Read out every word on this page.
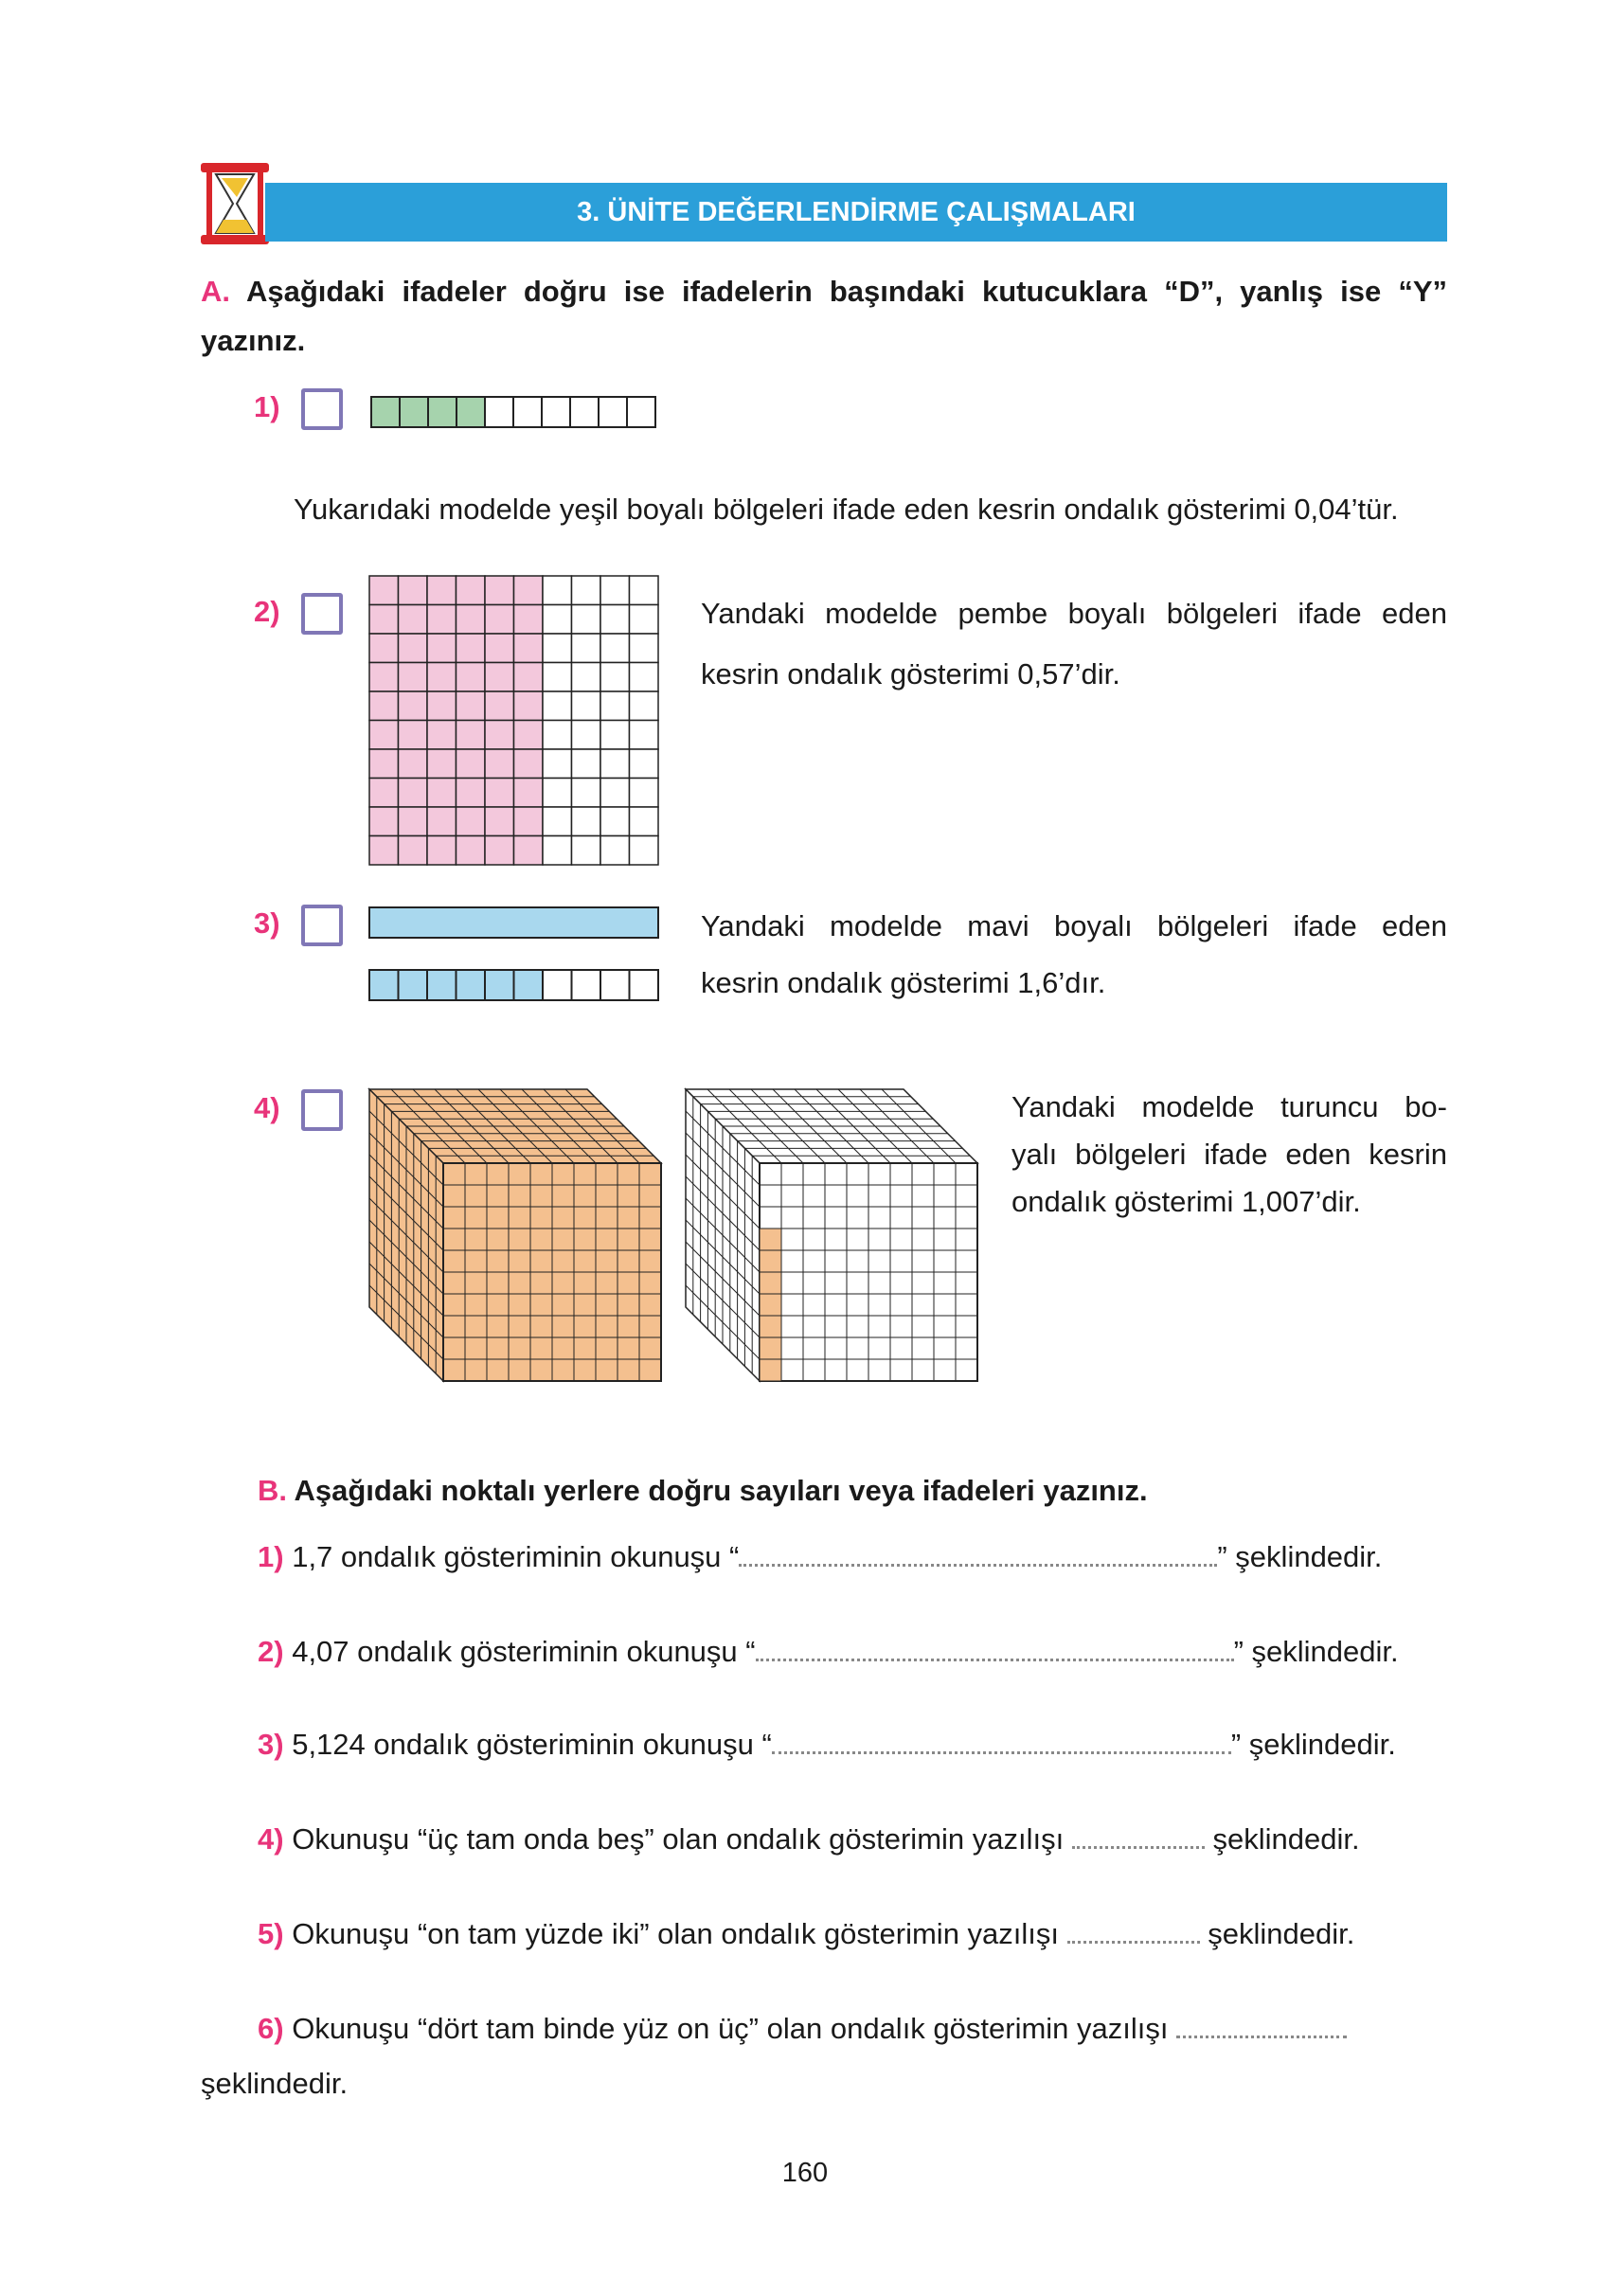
3. ÜNİTE DEĞERLENDİRME ÇALIŞMALARI
A. Aşağıdaki ifadeler doğru ise ifadelerin başındaki kutucuklara “D”, yanlış ise “Y” yazınız.
1)
Yukarıdaki modelde yeşil boyalı bölgeleri ifade eden kesrin ondalık gösterimi 0,04’tür.
2)	Yandaki modelde pembe boyalı bölgeleri ifade eden
kesrin ondalık gösterimi 0,57’dir.
3)	Yandaki modelde mavi boyalı bölgeleri ifade eden
kesrin ondalık gösterimi 1,6’dır.
4)	Yandaki modelde turuncu bo-
yalı bölgeleri ifade eden kesrin
ondalık gösterimi 1,007’dir.
B. Aşağıdaki noktalı yerlere doğru sayıları veya ifadeleri yazınız.
1) 1,7 ondalık gösteriminin okunuşu “	” şeklindedir.
2) 4,07 ondalık gösteriminin okunuşu “	” şeklindedir.
3) 5,124 ondalık gösteriminin okunuşu “	” şeklindedir.
4) Okunuşu “üç tam onda beş” olan ondalık gösterimin yazılışı	şeklindedir.
5) Okunuşu “on tam yüzde iki” olan ondalık gösterimin yazılışı	şeklindedir.
6) Okunuşu “dört tam binde yüz on üç” olan ondalık gösterimin yazılışı
şeklindedir.
160
